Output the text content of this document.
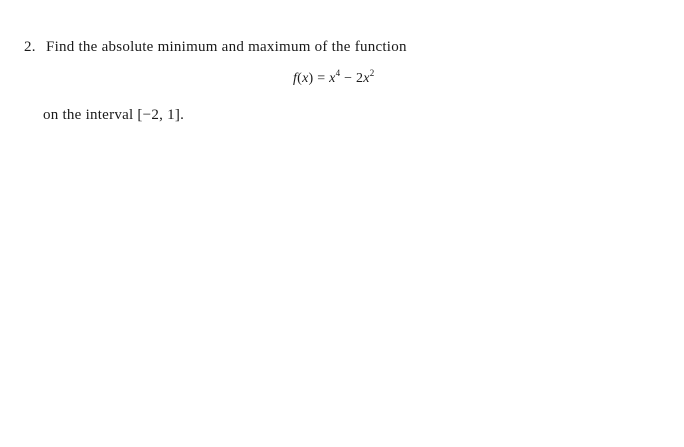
2. Find the absolute minimum and maximum of the function
$f(x) = x^4 - 2x^2$
on the interval [−2, 1].
